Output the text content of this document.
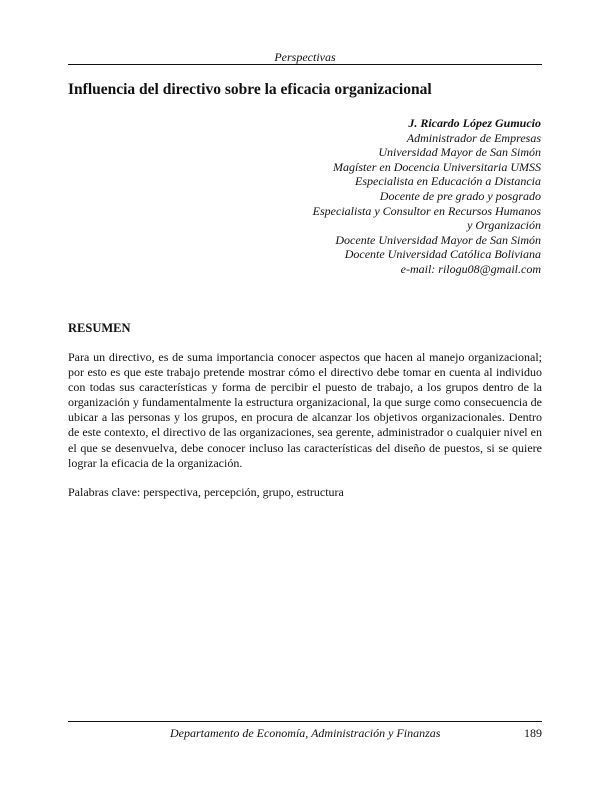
Perspectivas
Influencia del directivo sobre la eficacia organizacional
J. Ricardo López Gumucio
Administrador de Empresas
Universidad Mayor de San Simón
Magíster en Docencia Universitaria UMSS
Especialista en Educación a Distancia
Docente de pre grado y posgrado
Especialista y Consultor en Recursos Humanos
y Organización
Docente Universidad Mayor de San Simón
Docente Universidad Católica Boliviana
e-mail: rilogu08@gmail.com
RESUMEN

Para un directivo, es de suma importancia conocer aspectos que hacen al manejo organizacional; por esto es que este trabajo pretende mostrar cómo el directivo debe tomar en cuenta al individuo con todas sus características y forma de percibir el puesto de trabajo, a los grupos dentro de la organización y fundamentalmente la estructura organizacional, la que surge como consecuencia de ubicar a las personas y los grupos, en procura de alcanzar los objetivos organizacionales. Dentro de este contexto, el directivo de las organizaciones, sea gerente, administrador o cualquier nivel en el que se desenvuelva, debe conocer incluso las características del diseño de puestos, si se quiere lograr la eficacia de la organización.

Palabras clave: perspectiva, percepción, grupo, estructura

Departamento de Economía, Administración y Finanzas	189
